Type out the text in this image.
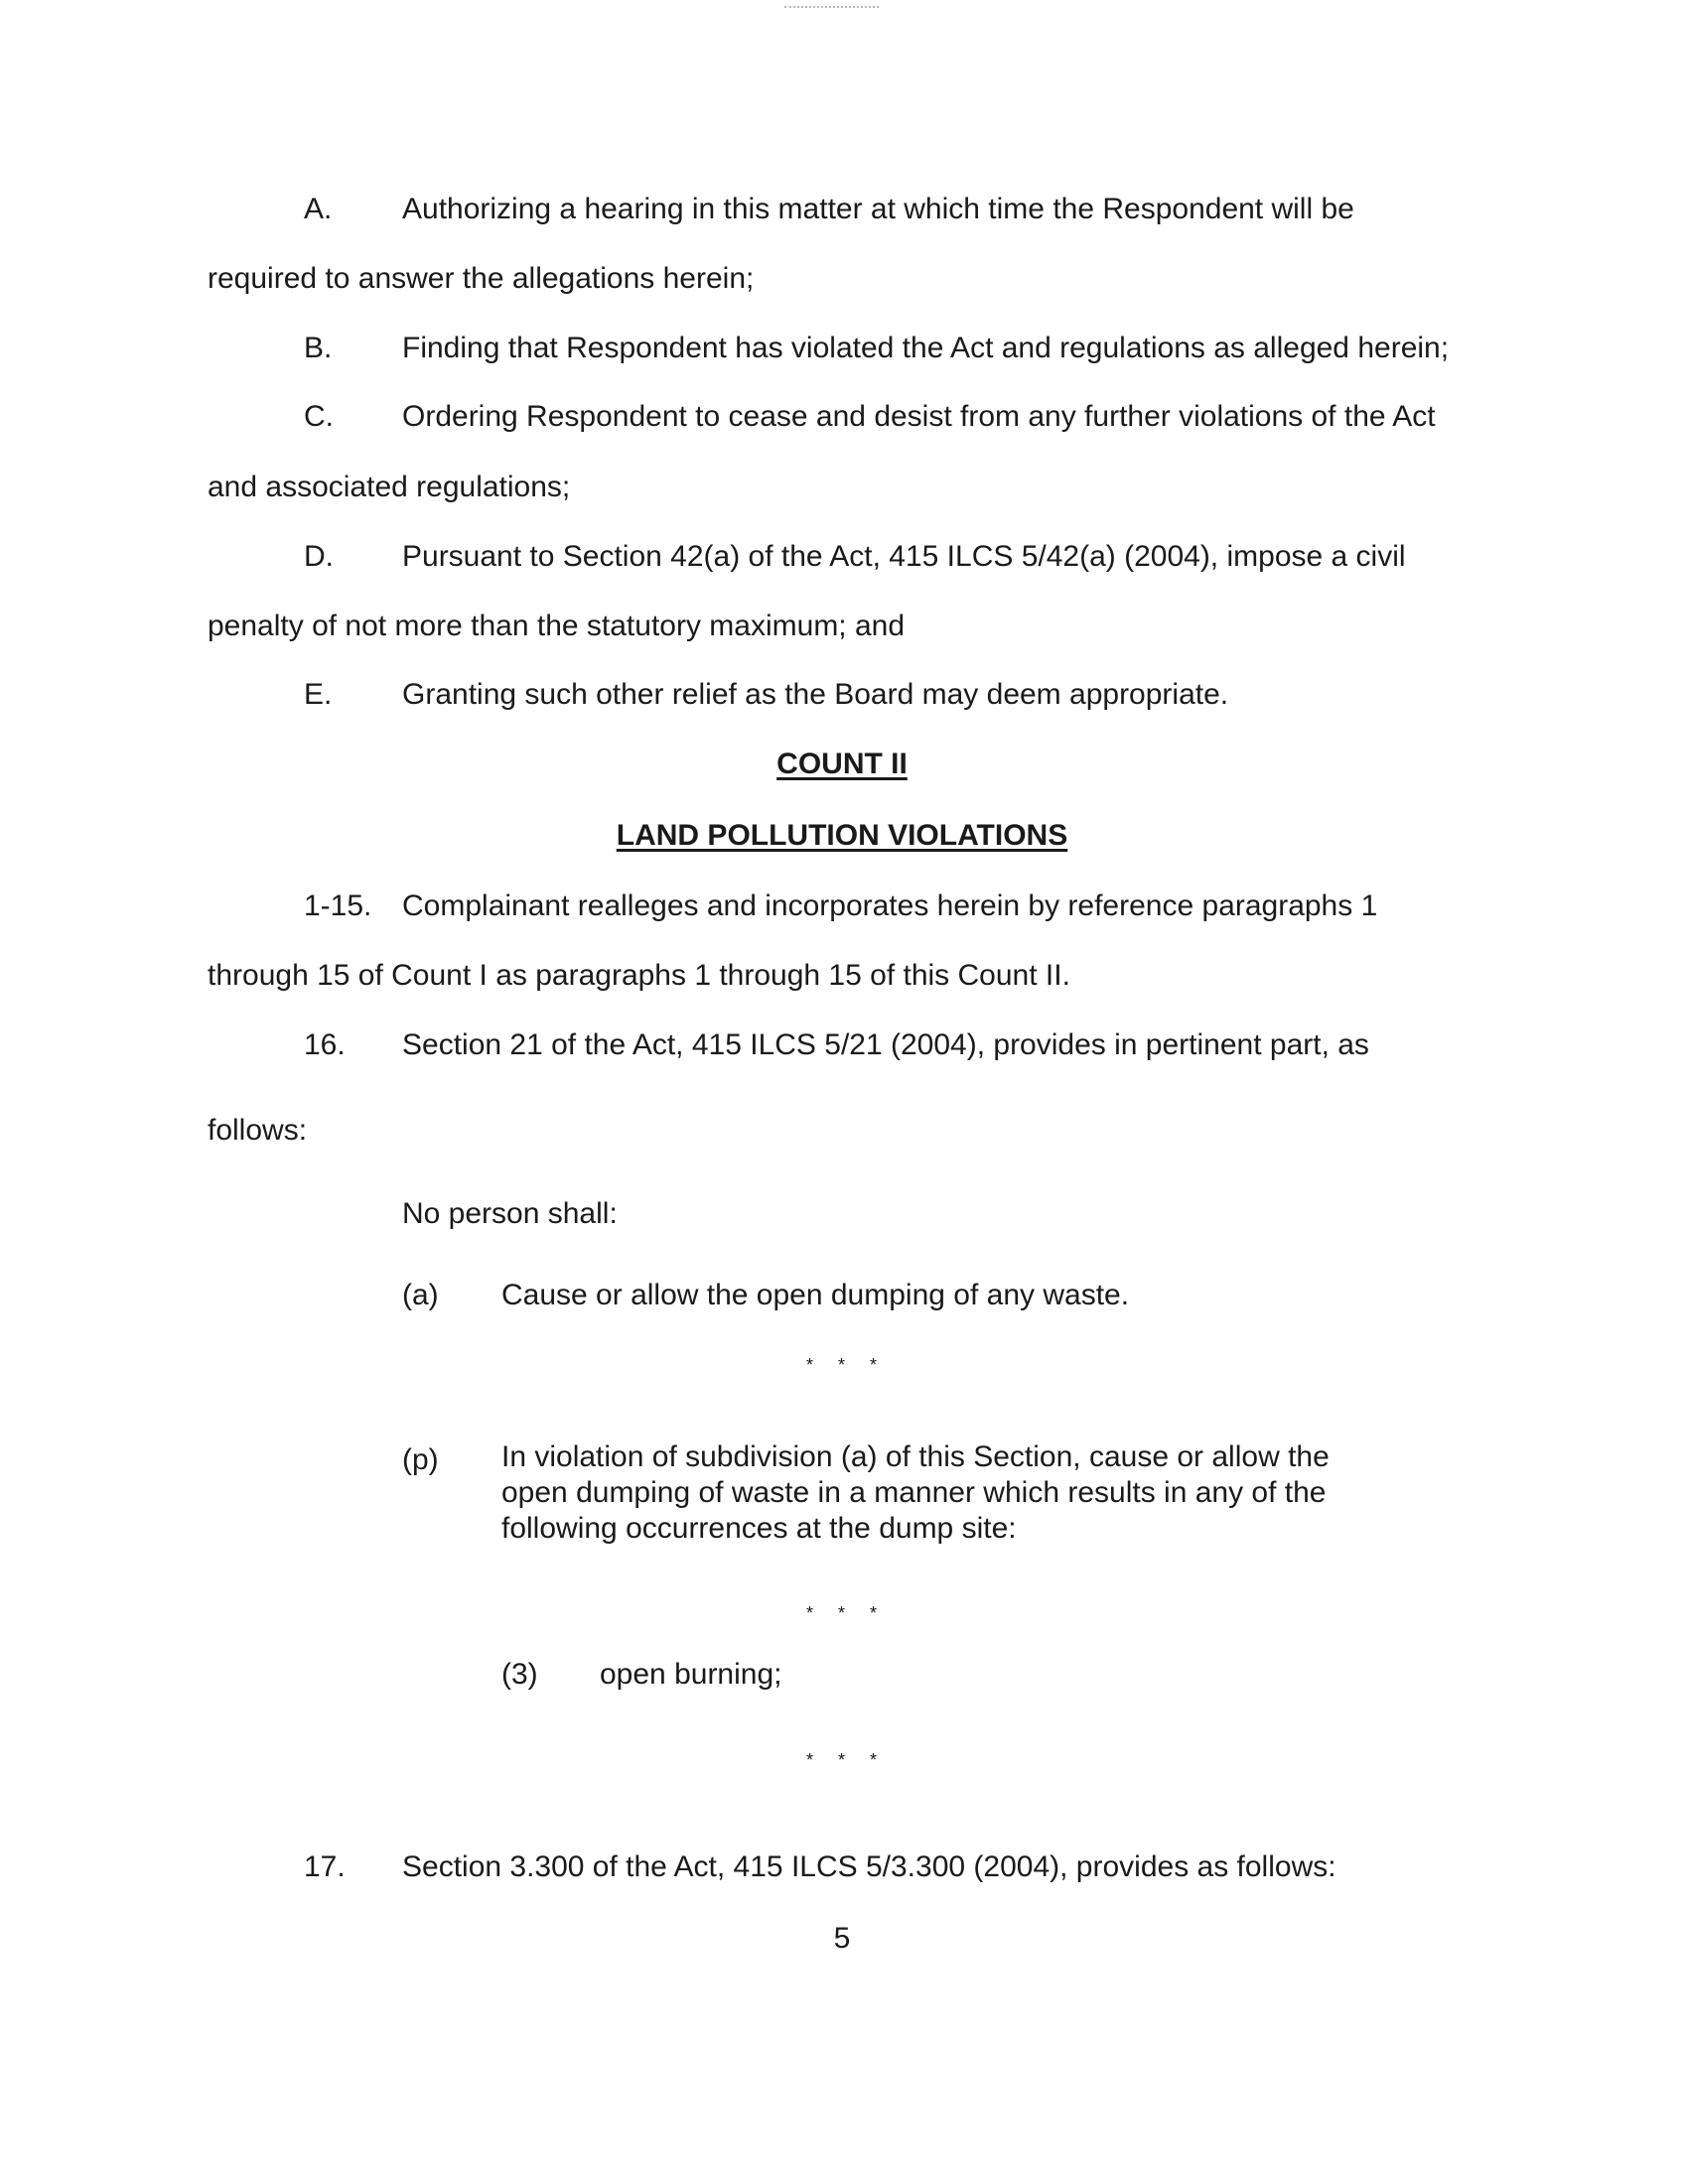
A. Authorizing a hearing in this matter at which time the Respondent will be
required to answer the allegations herein;
B. Finding that Respondent has violated the Act and regulations as alleged herein;
C. Ordering Respondent to cease and desist from any further violations of the Act
and associated regulations;
D. Pursuant to Section 42(a) of the Act, 415 ILCS 5/42(a) (2004), impose a civil
penalty of not more than the statutory maximum; and
E. Granting such other relief as the Board may deem appropriate.
COUNT II
LAND POLLUTION VIOLATIONS
1-15. Complainant realleges and incorporates herein by reference paragraphs 1
through 15 of Count I as paragraphs 1 through 15 of this Count II.
16. Section 21 of the Act, 415 ILCS 5/21 (2004), provides in pertinent part, as
follows:
No person shall:
(a) Cause or allow the open dumping of any waste.
* * *
(p) In violation of subdivision (a) of this Section, cause or allow the open dumping of waste in a manner which results in any of the following occurrences at the dump site:
* * *
(3) open burning;
* * *
17. Section 3.300 of the Act, 415 ILCS 5/3.300 (2004), provides as follows:
5
